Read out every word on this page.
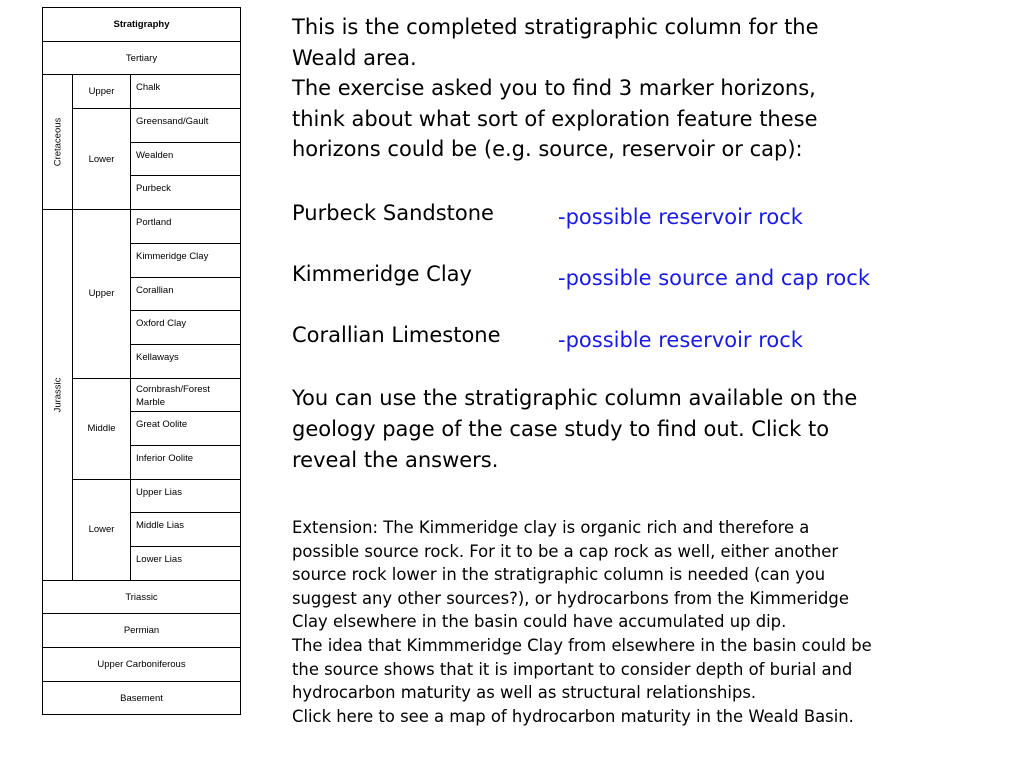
Stratigraphy		
Tertiary		

Cretaceous	Upper	Chalk
	Lower	Greensand/Gault
		Wealden
		Purbeck

Jurassic	Upper	Portland
		Kimmeridge Clay
		Corallian
		Oxford Clay
		Kellaways
	Middle	Cornbrash/Forest Marble
		Great Oolite
		Inferior Oolite
	Lower	Upper Lias
		Middle Lias
		Lower Lias
Triassic		
Permian		
Upper Carboniferous		
Basement		
This is the completed stratigraphic column for the
Weald area.
The exercise asked you to find 3 marker horizons,
think about what sort of exploration feature these
horizons could be (e.g. source, reservoir or cap):
Purbeck Sandstone	-possible reservoir rock
Kimmeridge Clay	-possible source and cap rock
Corallian Limestone	-possible reservoir rock
You can use the stratigraphic column available on the
geology page of the case study to find out. Click to
reveal the answers.
Extension: The Kimmeridge clay is organic rich and therefore a
possible source rock. For it to be a cap rock as well, either another
source rock lower in the stratigraphic column is needed (can you
suggest any other sources?), or hydrocarbons from the Kimmeridge
Clay elsewhere in the basin could have accumulated up dip.
The idea that Kimmmeridge Clay from elsewhere in the basin could be
the source shows that it is important to consider depth of burial and
hydrocarbon maturity as well as structural relationships.
Click here to see a map of hydrocarbon maturity in the Weald Basin.
